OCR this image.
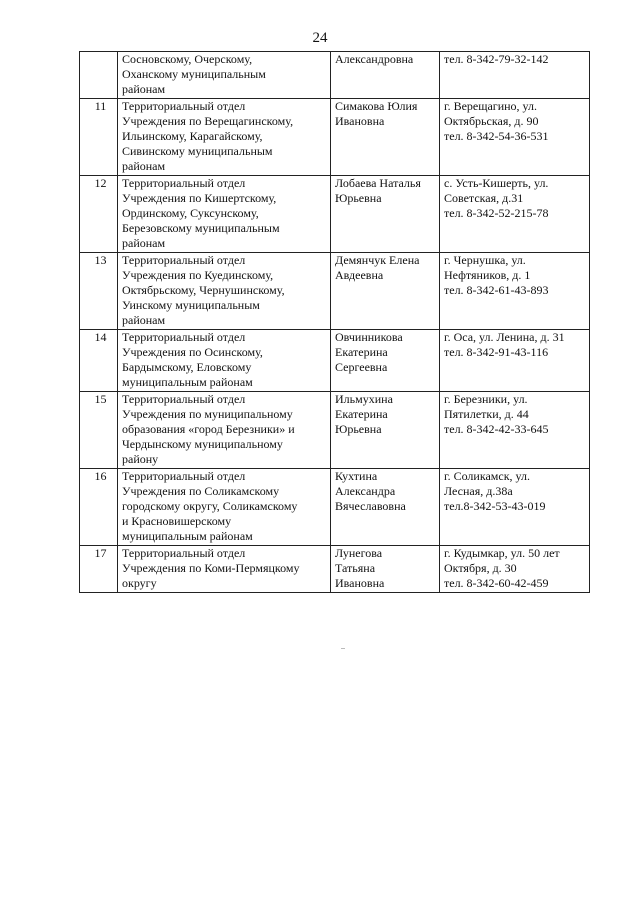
24

	Сосновскому, Очерскому,
Оханскому муниципальным
районам	Александровна	тел. 8-342-79-32-142

11	Территориальный отдел
Учреждения по Верещагинскому,
Ильинскому, Карагайскому,
Сивинскому муниципальным
районам	Симакова Юлия
Ивановна	г. Верещагино, ул.
Октябрьская, д. 90
тел. 8-342-54-36-531

12	Территориальный отдел
Учреждения по Кишертскому,
Ординскому, Суксунскому,
Березовскому муниципальным
районам	Лобаева Наталья
Юрьевна	с. Усть-Кишерть, ул.
Советская, д.31
тел. 8-342-52-215-78

13	Территориальный отдел
Учреждения по Куединскому,
Октябрьскому, Чернушинскому,
Уинскому муниципальным
районам	Демянчук Елена
Авдеевна	г. Чернушка, ул.
Нефтяников, д. 1
тел. 8-342-61-43-893

14	Территориальный отдел
Учреждения по Осинскому,
Бардымскому, Еловскому
муниципальным районам	Овчинникова
Екатерина
Сергеевна	г. Оса, ул. Ленина, д. 31
тел. 8-342-91-43-116

15	Территориальный отдел
Учреждения по муниципальному
образования «город Березники» и
Чердынскому муниципальному
району	Ильмухина
Екатерина
Юрьевна	г. Березники, ул.
Пятилетки, д. 44
тел. 8-342-42-33-645

16	Территориальный отдел
Учреждения по Соликамскому
городскому округу, Соликамскому
и Красновишерскому
муниципальным районам	Кухтина
Александра
Вячеславовна	г. Соликамск, ул.
Лесная, д.38а
тел.8-342-53-43-019

17	Территориальный отдел
Учреждения по Коми-Пермяцкому
округу	Лунегова
Татьяна
Ивановна	г. Кудымкар, ул. 50 лет
Октября, д. 30
тел. 8-342-60-42-459
